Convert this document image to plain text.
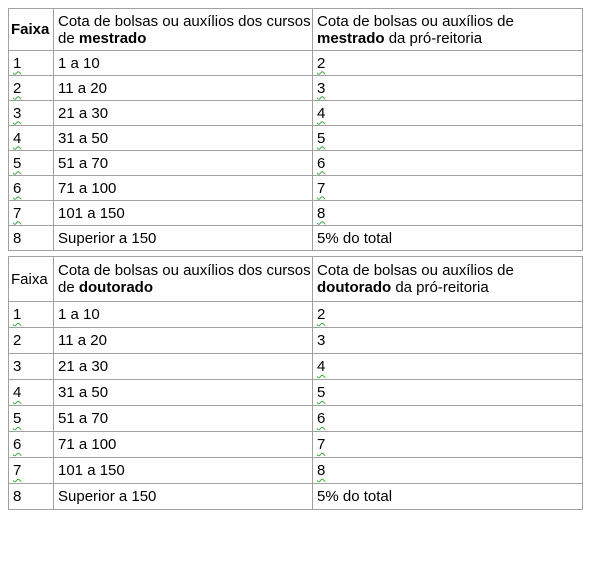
Faixa	Cota de bolsas ou auxílios dos cursos de mestrado	Cota de bolsas ou auxílios de mestrado da pró-reitoria
1	1 a 10	2
2	11 a 20	3
3	21 a 30	4
4	31 a 50	5
5	51 a 70	6
6	71 a 100	7
7	101 a 150	8
8	Superior a 150	5% do total
Faixa	Cota de bolsas ou auxílios dos cursos de doutorado	Cota de bolsas ou auxílios de doutorado da pró-reitoria
1	1 a 10	2
2	11 a 20	3
3	21 a 30	4
4	31 a 50	5
5	51 a 70	6
6	71 a 100	7
7	101 a 150	8
8	Superior a 150	5% do total
